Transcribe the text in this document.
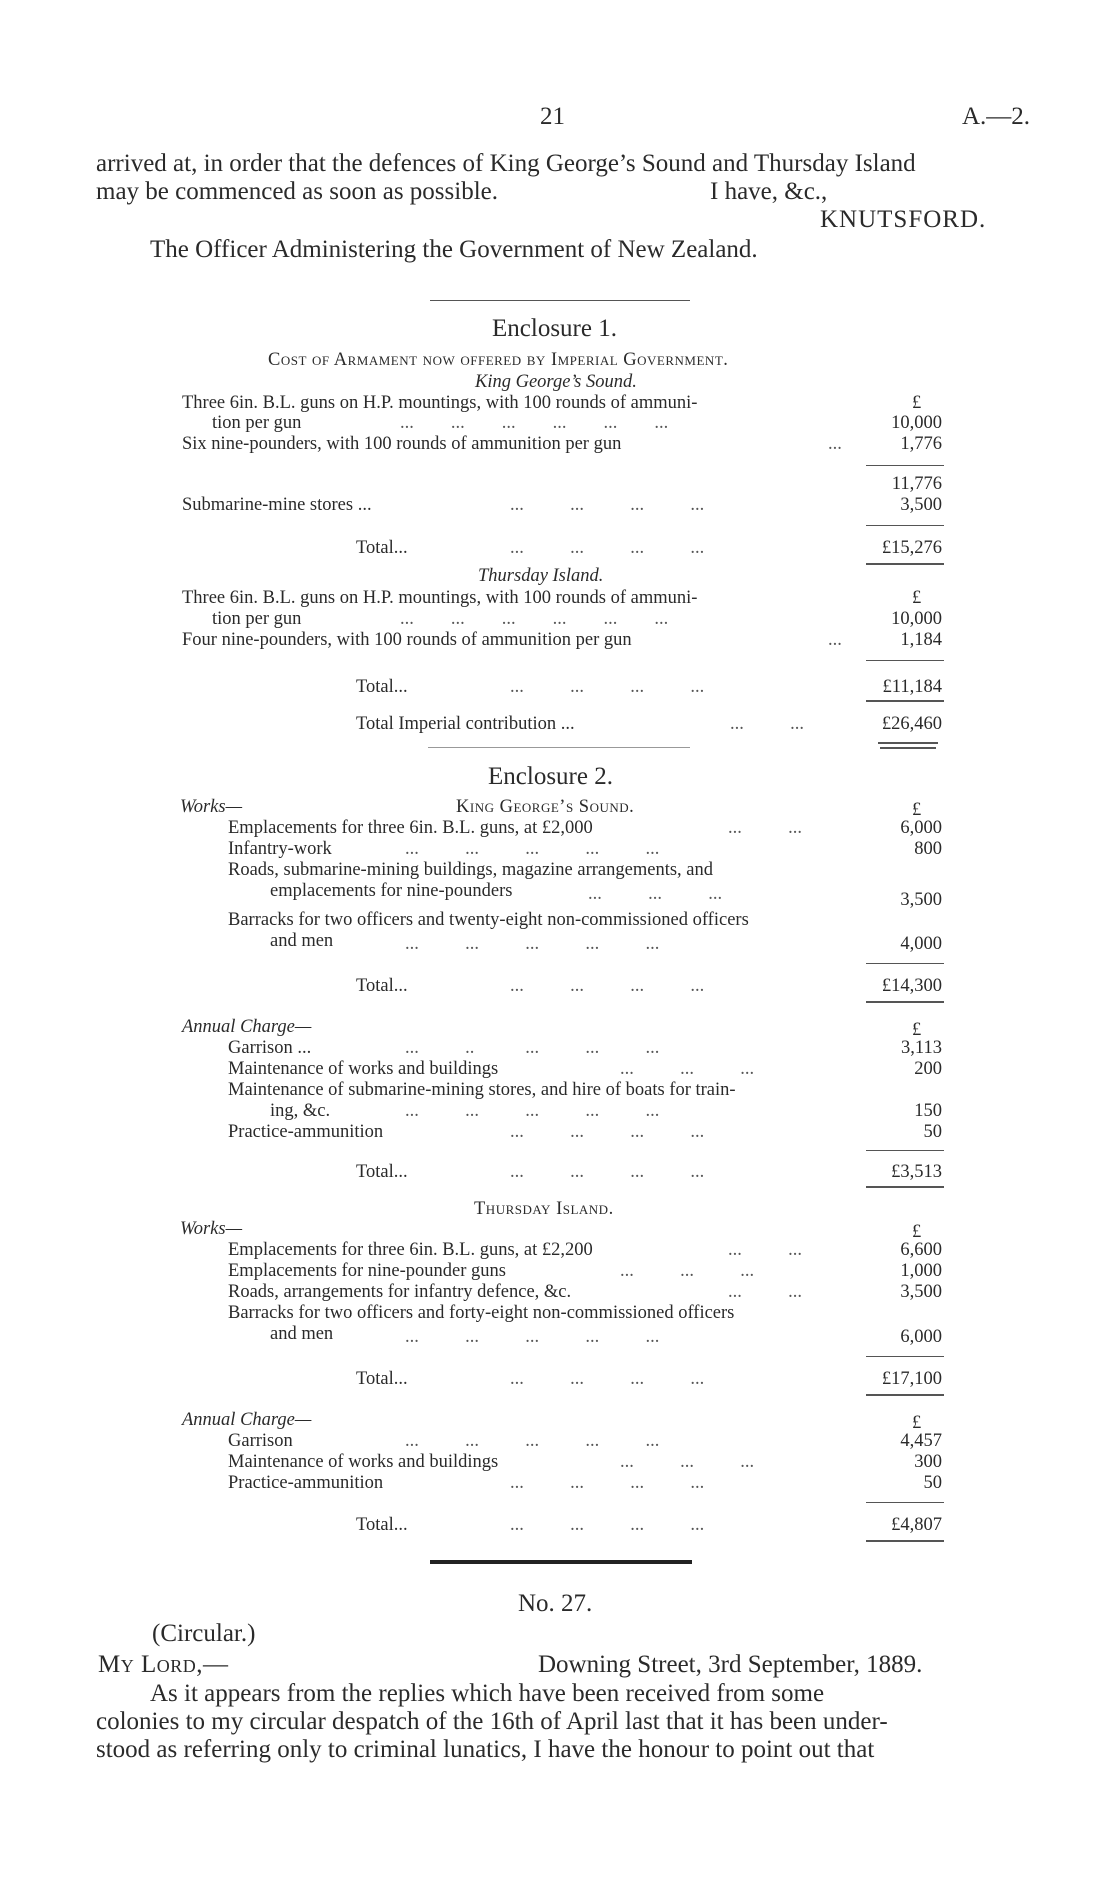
21	A.—2.
arrived at, in order that the defences of King George’s Sound and Thursday Island
may be commenced as soon as possible.	I have, &c.,
KNUTSFORD.
The Officer Administering the Government of New Zealand.
Enclosure 1.
Cost of Armament now offered by Imperial Government.
King George’s Sound.
Three 6in. B.L. guns on H.P. mountings, with 100 rounds of ammuni-	£
tion per gun	...        ...        ...        ...        ...        ...	10,000
Six nine-pounders, with 100 rounds of ammunition per gun	...	1,776
11,776
Submarine-mine stores ...	...          ...          ...          ...	3,500
Total...	...          ...          ...          ...	£15,276
Thursday Island.
Three 6in. B.L. guns on H.P. mountings, with 100 rounds of ammuni-	£
tion per gun	...        ...        ...        ...        ...        ...	10,000
Four nine-pounders, with 100 rounds of ammunition per gun	...	1,184
Total...	...          ...          ...          ...	£11,184
Total Imperial contribution ...	...          ...	£26,460
Enclosure 2.
Works—	King George’s Sound.	£
Emplacements for three 6in. B.L. guns, at £2,000	...          ...	6,000
Infantry-work	...          ...          ...          ...          ...	800
Roads, submarine-mining buildings, magazine arrangements, and
emplacements for nine-pounders	...          ...          ...	3,500
Barracks for two officers and twenty-eight non-commissioned officers
and men	...          ...          ...          ...          ...	4,000
Total...	...          ...          ...          ...	£14,300
Annual Charge—	£
Garrison ...	...          ..           ...          ...          ...	3,113
Maintenance of works and buildings	...          ...          ...	200
Maintenance of submarine-mining stores, and hire of boats for train-
ing, &c.	...          ...          ...          ...          ...	150
Practice-ammunition	...          ...          ...          ...	50
Total...	...          ...          ...          ...	£3,513
Thursday Island.
Works—	£
Emplacements for three 6in. B.L. guns, at £2,200	...          ...	6,600
Emplacements for nine-pounder guns	...          ...          ...	1,000
Roads, arrangements for infantry defence, &c.	...          ...	3,500
Barracks for two officers and forty-eight non-commissioned officers
and men	...          ...          ...          ...          ...	6,000
Total...	...          ...          ...          ...	£17,100
Annual Charge—	£
Garrison	...          ...          ...          ...          ...	4,457
Maintenance of works and buildings	...          ...          ...	300
Practice-ammunition	...          ...          ...          ...	50
Total...	...          ...          ...          ...	£4,807
No. 27.
(Circular.)
My Lord,—	Downing Street, 3rd September, 1889.
As it appears from the replies which have been received from some
colonies to my circular despatch of the 16th of April last that it has been under-
stood as referring only to criminal lunatics, I have the honour to point out that
